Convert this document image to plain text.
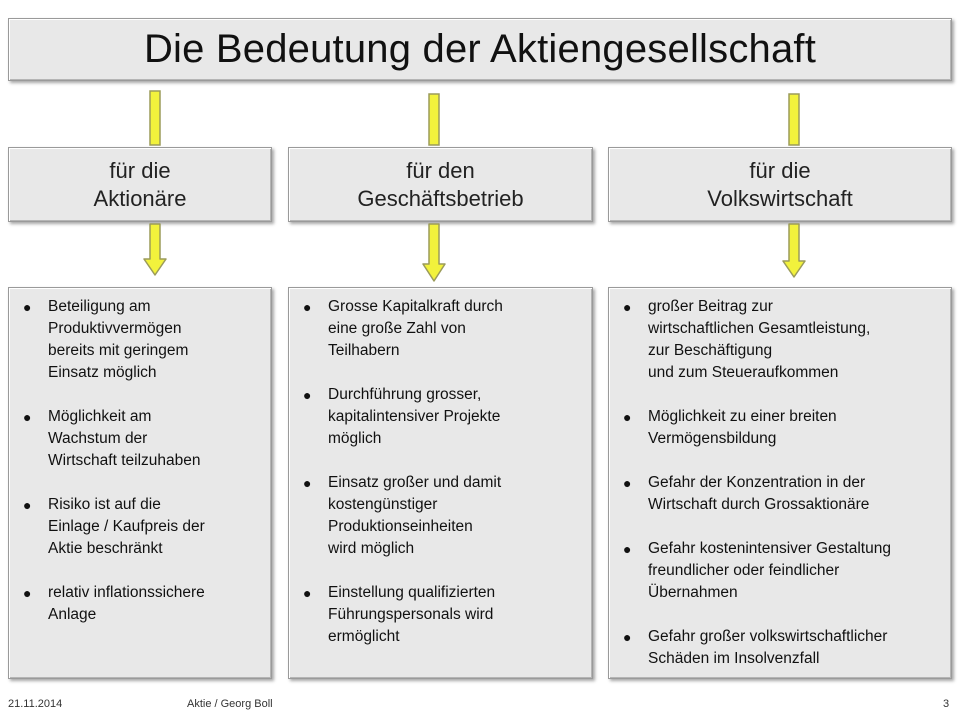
Die Bedeutung der Aktiengesellschaft
für die
Aktionäre
für den
Geschäftsbetrieb
für die
Volkswirtschaft
●	Beteiligung am
Produktivvermögen
bereits mit geringem
Einsatz möglich
●	Möglichkeit am
Wachstum der
Wirtschaft teilzuhaben
●	Risiko ist auf die
Einlage / Kaufpreis der
Aktie beschränkt
●	relativ inflationssichere
Anlage
●	Grosse Kapitalkraft durch
eine große Zahl von
Teilhabern
●	Durchführung grosser,
kapitalintensiver Projekte
möglich
●	Einsatz großer und damit
kostengünstiger
Produktionseinheiten
wird möglich
●	Einstellung qualifizierten
Führungspersonals wird
ermöglicht
●	großer Beitrag zur
wirtschaftlichen Gesamtleistung,
zur Beschäftigung
und zum Steueraufkommen
●	Möglichkeit zu einer breiten
Vermögensbildung
●	Gefahr der Konzentration in der
Wirtschaft durch Grossaktionäre
●	Gefahr kostenintensiver Gestaltung
freundlicher oder feindlicher
Übernahmen
●	Gefahr großer volkswirtschaftlicher
Schäden im Insolvenzfall
21.11.2014	Aktie / Georg Boll	3
